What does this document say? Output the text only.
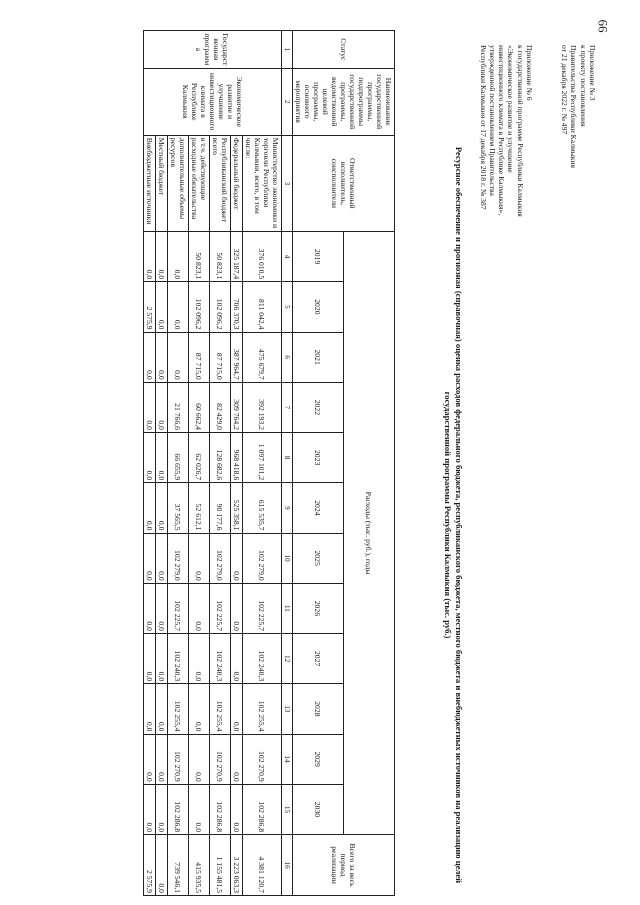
66
Приложение № 3
к проекту постановления
Правительства Республики Калмыкия
от 21 декабря 2022 г. № 497
Приложение № 6
к государственной программе Республики Калмыкия
«Экономическое развитие и улучшение
инвестиционного климата в Республике Калмыкия»,
утвержденной постановлением Правительства
Республики Калмыкия от 17 декабря 2018 г. № 387
Ресурсное обеспечение и прогнозная (справочная) оценка расходов федерального бюджета, республиканского бюджета, местного бюджета и внебюджетных источников на реализацию целей государственной программы Республики Калмыкия (тыс. руб.)
Статус	Наименование государственной программы, подпрограммы государственной программы, ведомственной целевой программы, основного мероприятия	Ответственный исполнитель, соисполнители	Расходы (тыс. руб.), годы												Всего за весь период реализации
			2019	2020	2021	2022	2023	2024	2025	2026	2027	2028	2029	2030	
1	2	3	4	5	6	7	8	9	10	11	12	13	14	15	16
Государственная программа	Экономическое развитие и улучшение инвестиционного климата в Республике Калмыкия	Министерство экономики и торговли Республики Калмыкия, всего, в том числе:	376 010,5	811 042,4	475 679,7	392 193,2	1 097 101,2	615 535,7	102 279,0	102 225,7	102 240,3	102 255,4	102 270,9	102 286,8	4 381 120,7
		Федеральный бюджет	325 187,4	706 370,3	387 964,7	309 764,2	968 418,6	525 358,1	0,0	0,0	0,0	0,0	0,0	0,0	3 223 063,3
		Республиканский бюджет всего	50 823,1	102 096,2	87 715,0	82 429,0	128 682,6	90 177,6	102 279,0	102 225,7	102 240,3	102 255,4	102 270,9	102 286,8	1 155 481,5
		в т.ч. действующие расходные обязательства	50 823,1	102 096,2	87 715,0	60 662,4	62 026,7	52 612,1	0,0	0,0	0,0	0,0	0,0	0,0	415 935,5
		дополнительные объемы ресурсов	0,0	0,0	0,0	21 766,6	66 655,9	37 565,5	102 279,0	102 225,7	102 240,3	102 255,4	102 270,9	102 286,8	739 546,1
		Местный бюджет	0,0	0,0	0,0	0,0	0,0	0,0	0,0	0,0	0,0	0,0	0,0	0,0	0,0
		Внебюджетные источники	0,0	2 575,9	0,0	0,0	0,0	0,0	0,0	0,0	0,0	0,0	0,0	0,0	2 575,9
